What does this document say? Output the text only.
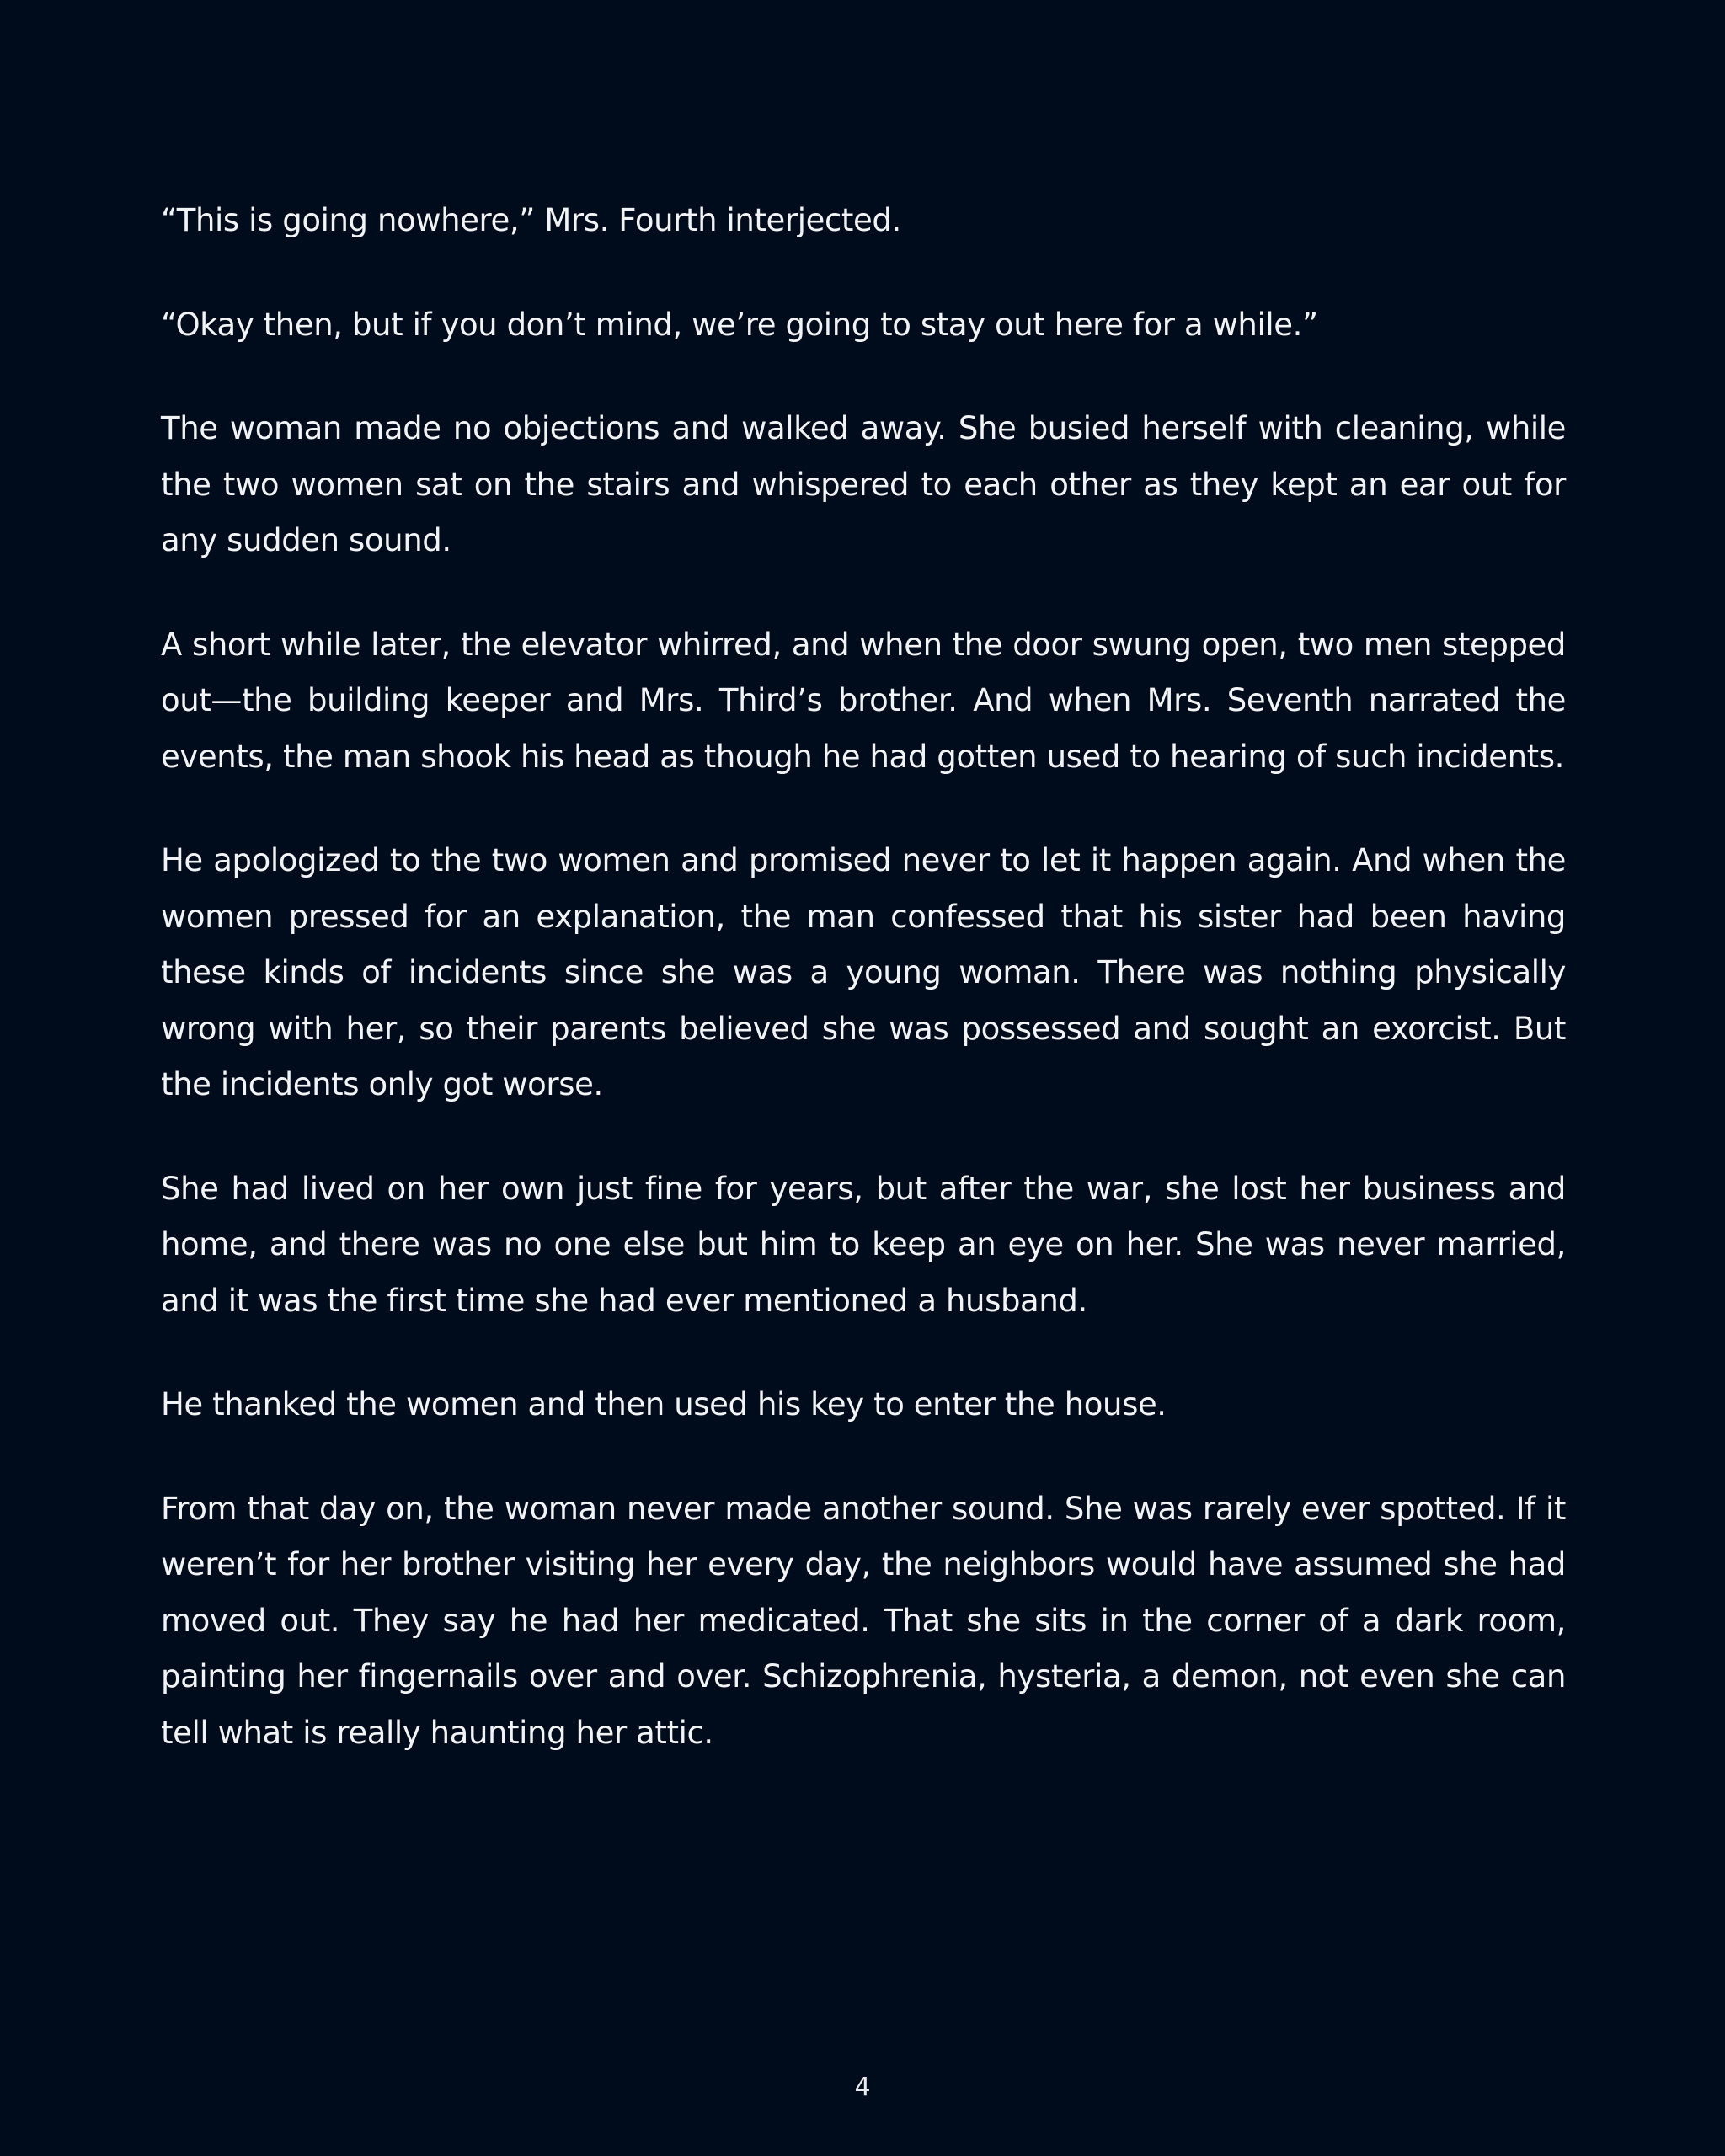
“This is going nowhere,” Mrs. Fourth interjected.

“Okay then, but if you don’t mind, we’re going to stay out here for a while.”

The woman made no objections and walked away. She busied herself with cleaning, while the two women sat on the stairs and whispered to each other as they kept an ear out for any sudden sound.

A short while later, the elevator whirred, and when the door swung open, two men stepped out—the building keeper and Mrs. Third’s brother. And when Mrs. Seventh narrated the events, the man shook his head as though he had gotten used to hearing of such incidents.

He apologized to the two women and promised never to let it happen again. And when the women pressed for an explanation, the man confessed that his sister had been having these kinds of incidents since she was a young woman. There was nothing physically wrong with her, so their parents believed she was possessed and sought an exorcist. But the incidents only got worse.

She had lived on her own just fine for years, but after the war, she lost her business and home, and there was no one else but him to keep an eye on her. She was never married, and it was the first time she had ever mentioned a husband.

He thanked the women and then used his key to enter the house.

From that day on, the woman never made another sound. She was rarely ever spotted. If it weren’t for her brother visiting her every day, the neighbors would have assumed she had moved out. They say he had her medicated. That she sits in the corner of a dark room, painting her fingernails over and over. Schizophrenia, hysteria, a demon, not even she can tell what is really haunting her attic.

4
